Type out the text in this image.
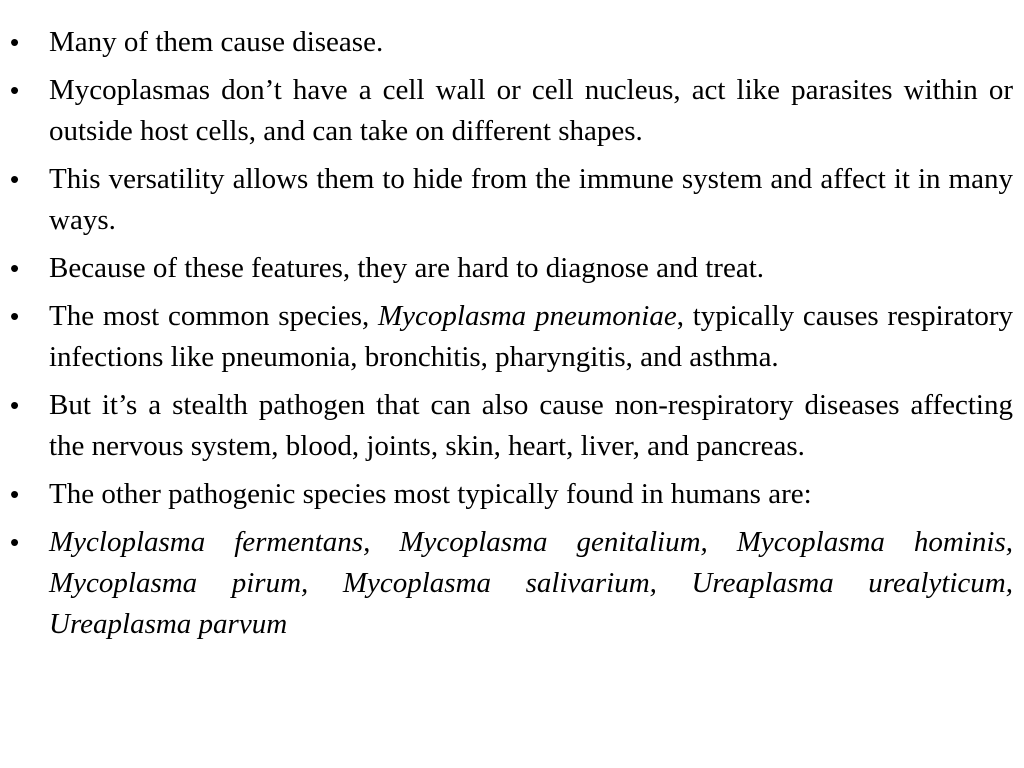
•	Many of them cause disease.
•	Mycoplasmas don’t have a cell wall or cell nucleus, act like parasites within or outside host cells, and can take on different shapes.
•	This versatility allows them to hide from the immune system and affect it in many ways.
•	Because of these features, they are hard to diagnose and treat.
•	The most common species, Mycoplasma pneumoniae, typically causes respiratory infections like pneumonia, bronchitis, pharyngitis, and asthma.
•	But it’s a stealth pathogen that can also cause non-respiratory diseases affecting the nervous system, blood, joints, skin, heart, liver, and pancreas.
•	The other pathogenic species most typically found in humans are:
•	Mycloplasma fermentans, Mycoplasma genitalium, Mycoplasma hominis, Mycoplasma pirum, Mycoplasma salivarium, Ureaplasma urealyticum, Ureaplasma parvum
